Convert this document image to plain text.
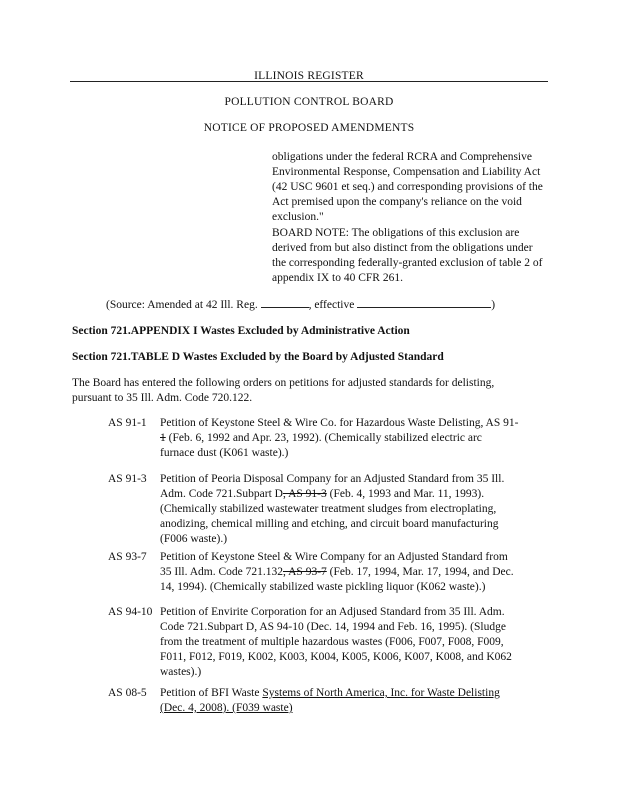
ILLINOIS REGISTER
POLLUTION CONTROL BOARD
NOTICE OF PROPOSED AMENDMENTS
obligations under the federal RCRA and Comprehensive
Environmental Response, Compensation and Liability Act
(42 USC 9601 et seq.) and corresponding provisions of the
Act premised upon the company's reliance on the void
exclusion."
BOARD NOTE: The obligations of this exclusion are
derived from but also distinct from the obligations under
the corresponding federally-granted exclusion of table 2 of
appendix IX to 40 CFR 261.
(Source: Amended at 42 Ill. Reg.	, effective	)
Section 721.APPENDIX I Wastes Excluded by Administrative Action
Section 721.TABLE D Wastes Excluded by the Board by Adjusted Standard
The Board has entered the following orders on petitions for adjusted standards for delisting,
pursuant to 35 Ill. Adm. Code 720.122.
AS 91-1	Petition of Keystone Steel & Wire Co. for Hazardous Waste Delisting, AS 91-
1 (Feb. 6, 1992 and Apr. 23, 1992). (Chemically stabilized electric arc
furnace dust (K061 waste).)
AS 91-3	Petition of Peoria Disposal Company for an Adjusted Standard from 35 Ill.
Adm. Code 721.Subpart D, AS 91-3 (Feb. 4, 1993 and Mar. 11, 1993).
(Chemically stabilized wastewater treatment sludges from electroplating,
anodizing, chemical milling and etching, and circuit board manufacturing
(F006 waste).)
AS 93-7	Petition of Keystone Steel & Wire Company for an Adjusted Standard from
35 Ill. Adm. Code 721.132, AS 93-7 (Feb. 17, 1994, Mar. 17, 1994, and Dec.
14, 1994). (Chemically stabilized waste pickling liquor (K062 waste).)
AS 94-10 Petition of Envirite Corporation for an Adjused Standard from 35 Ill. Adm.
Code 721.Subpart D, AS 94-10 (Dec. 14, 1994 and Feb. 16, 1995). (Sludge
from the treatment of multiple hazardous wastes (F006, F007, F008, F009,
F011, F012, F019, K002, K003, K004, K005, K006, K007, K008, and K062
wastes).)
AS 08-5	Petition of BFI Waste Systems of North America, Inc. for Waste Delisting
(Dec. 4, 2008). (F039 waste)
